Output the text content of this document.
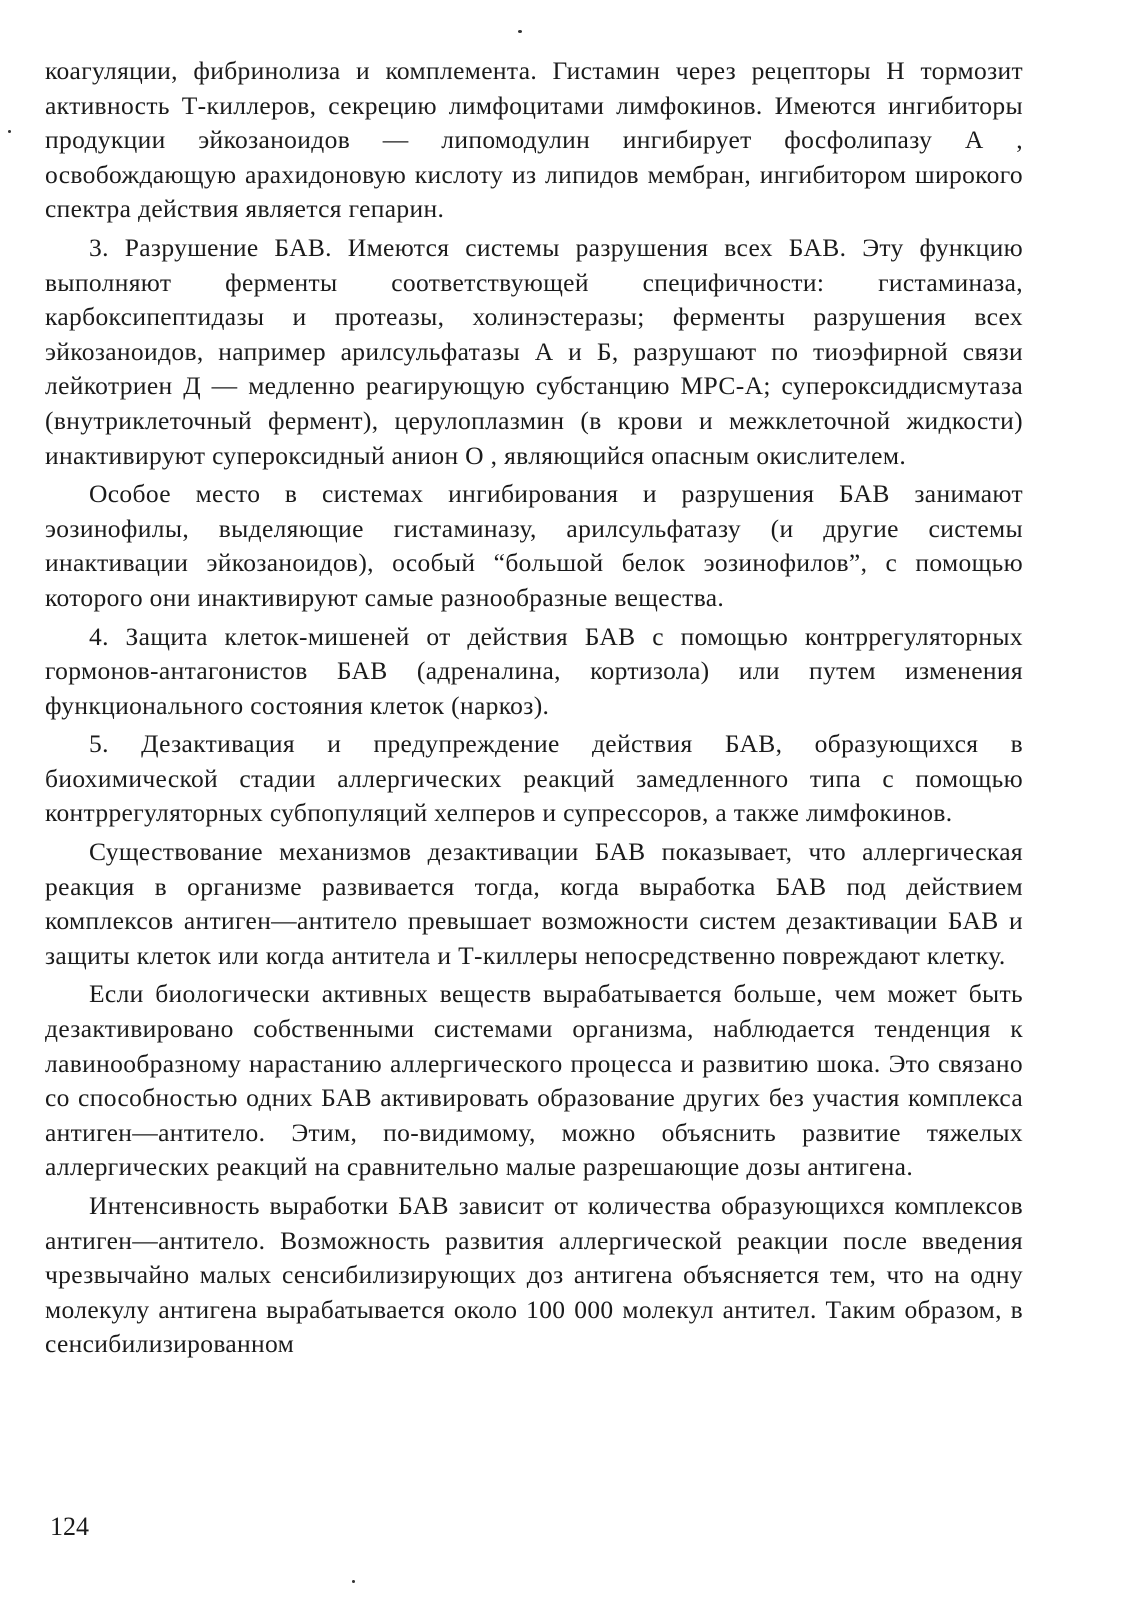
коагуляции, фибринолиза и комплемента. Гистамин через рецепторы Н тормозит активность Т-киллеров, секрецию лимфоцитами лимфокинов. Имеются ингибиторы продукции эйкозаноидов — липомодулин ингибирует фосфолипазу А , освобождающую арахидоновую кислоту из липидов мембран, ингибитором широкого спектра действия является гепарин.

3. Разрушение БАВ. Имеются системы разрушения всех БАВ. Эту функцию выполняют ферменты соответствующей специфичности: гистаминаза, карбоксипептидазы и протеазы, холинэстеразы; ферменты разрушения всех эйкозаноидов, например арилсульфатазы А и Б, разрушают по тиоэфирной связи лейкотриен Д — медленно реагирующую субстанцию МРС-А; супероксиддисмутаза (внутриклеточный фермент), церулоплазмин (в крови и межклеточной жидкости) инактивируют супероксидный анион О , являющийся опасным окислителем.

Особое место в системах ингибирования и разрушения БАВ занимают эозинофилы, выделяющие гистаминазу, арилсульфатазу (и другие системы инактивации эйкозаноидов), особый “большой белок эозинофилов”, с помощью которого они инактивируют самые разнообразные вещества.

4. Защита клеток-мишеней от действия БАВ с помощью контррегуляторных гормонов-антагонистов БАВ (адреналина, кортизола) или путем изменения функционального состояния клеток (наркоз).

5. Дезактивация и предупреждение действия БАВ, образующихся в биохимической стадии аллергических реакций замедленного типа с помощью контррегуляторных субпопуляций хелперов и супрессоров, а также лимфокинов.

Существование механизмов дезактивации БАВ показывает, что аллергическая реакция в организме развивается тогда, когда выработка БАВ под действием комплексов антиген—антитело превышает возможности систем дезактивации БАВ и защиты клеток или когда антитела и Т-киллеры непосредственно повреждают клетку.

Если биологически активных веществ вырабатывается больше, чем может быть дезактивировано собственными системами организма, наблюдается тенденция к лавинообразному нарастанию аллергического процесса и развитию шока. Это связано со способностью одних БАВ активировать образование других без участия комплекса антиген—антитело. Этим, по-видимому, можно объяснить развитие тяжелых аллергических реакций на сравнительно малые разрешающие дозы антигена.

Интенсивность выработки БАВ зависит от количества образующихся комплексов антиген—антитело. Возможность развития аллергической реакции после введения чрезвычайно малых сенсибилизирующих доз антигена объясняется тем, что на одну молекулу антигена вырабатывается около 100 000 молекул антител. Таким образом, в сенсибилизированном

124
